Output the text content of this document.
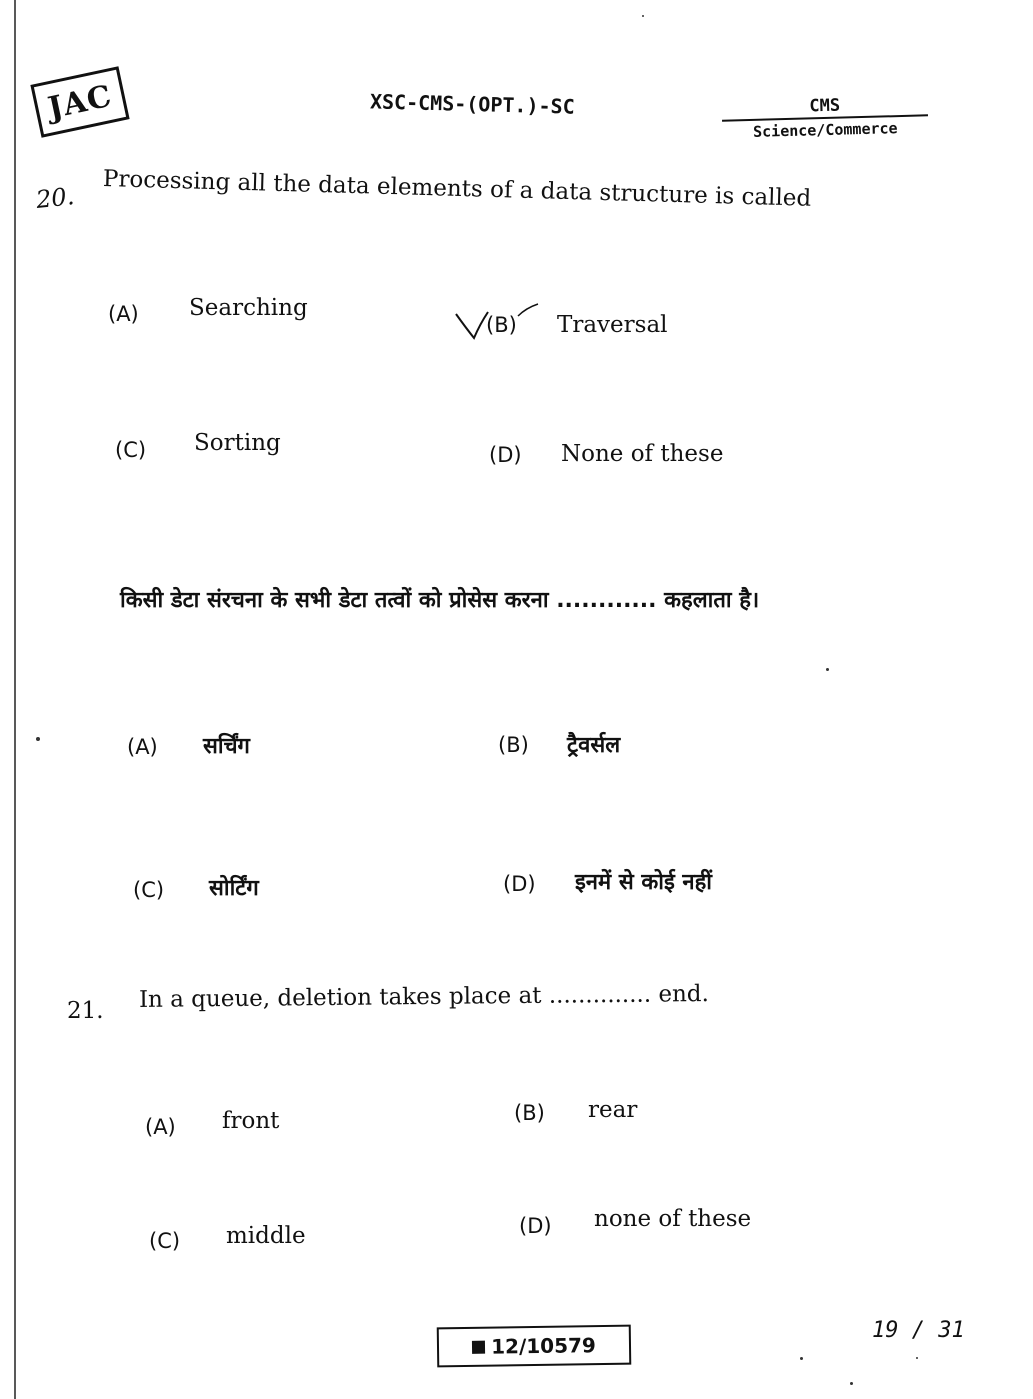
JAC	XSC-CMS-(OPT.)-SC	CMS
Science/Commerce
20. Processing all the data elements of a data structure is called
(A) Searching
(B) Traversal
(C) Sorting	(D) None of these
किसी डेटा संरचना के सभी डेटा तत्वों को प्रोसेस करना ............ कहलाता है।
(A) सर्चिंग	(B) ट्रैवर्सल
(C) सोर्टिंग	(D) इनमें से कोई नहीं
21. In a queue, deletion takes place at .............. end.
(A) front	(B) rear
(C) middle	(D) none of these
12/10579
19 / 31
